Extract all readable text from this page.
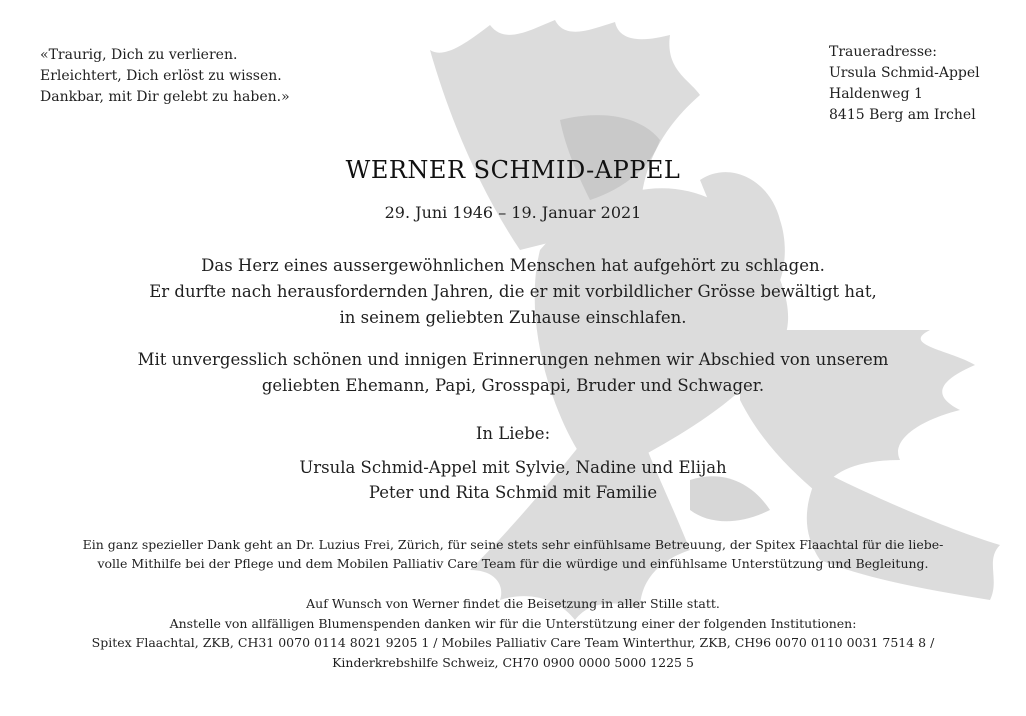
«Traurig, Dich zu verlieren.
Erleichtert, Dich erlöst zu wissen.
Dankbar, mit Dir gelebt zu haben.»
Traueradresse:
Ursula Schmid-Appel
Haldenweg 1
8415 Berg am Irchel
WERNER SCHMID-APPEL
29. Juni 1946 – 19. Januar 2021
Das Herz eines aussergewöhnlichen Menschen hat aufgehört zu schlagen.
Er durfte nach herausfordernden Jahren, die er mit vorbildlicher Grösse bewältigt hat,
in seinem geliebten Zuhause einschlafen.
Mit unvergesslich schönen und innigen Erinnerungen nehmen wir Abschied von unserem
geliebten Ehemann, Papi, Grosspapi, Bruder und Schwager.
In Liebe:
Ursula Schmid-Appel mit Sylvie, Nadine und Elijah
Peter und Rita Schmid mit Familie
Ein ganz spezieller Dank geht an Dr. Luzius Frei, Zürich, für seine stets sehr einfühlsame Betreuung, der Spitex Flaachtal für die liebe-
volle Mithilfe bei der Pflege und dem Mobilen Palliativ Care Team für die würdige und einfühlsame Unterstützung und Begleitung.
Auf Wunsch von Werner findet die Beisetzung in aller Stille statt.
Anstelle von allfälligen Blumenspenden danken wir für die Unterstützung einer der folgenden Institutionen:
Spitex Flaachtal, ZKB, CH31 0070 0114 8021 9205 1 / Mobiles Palliativ Care Team Winterthur, ZKB, CH96 0070 0110 0031 7514 8 /
Kinderkrebshilfe Schweiz, CH70 0900 0000 5000 1225 5
